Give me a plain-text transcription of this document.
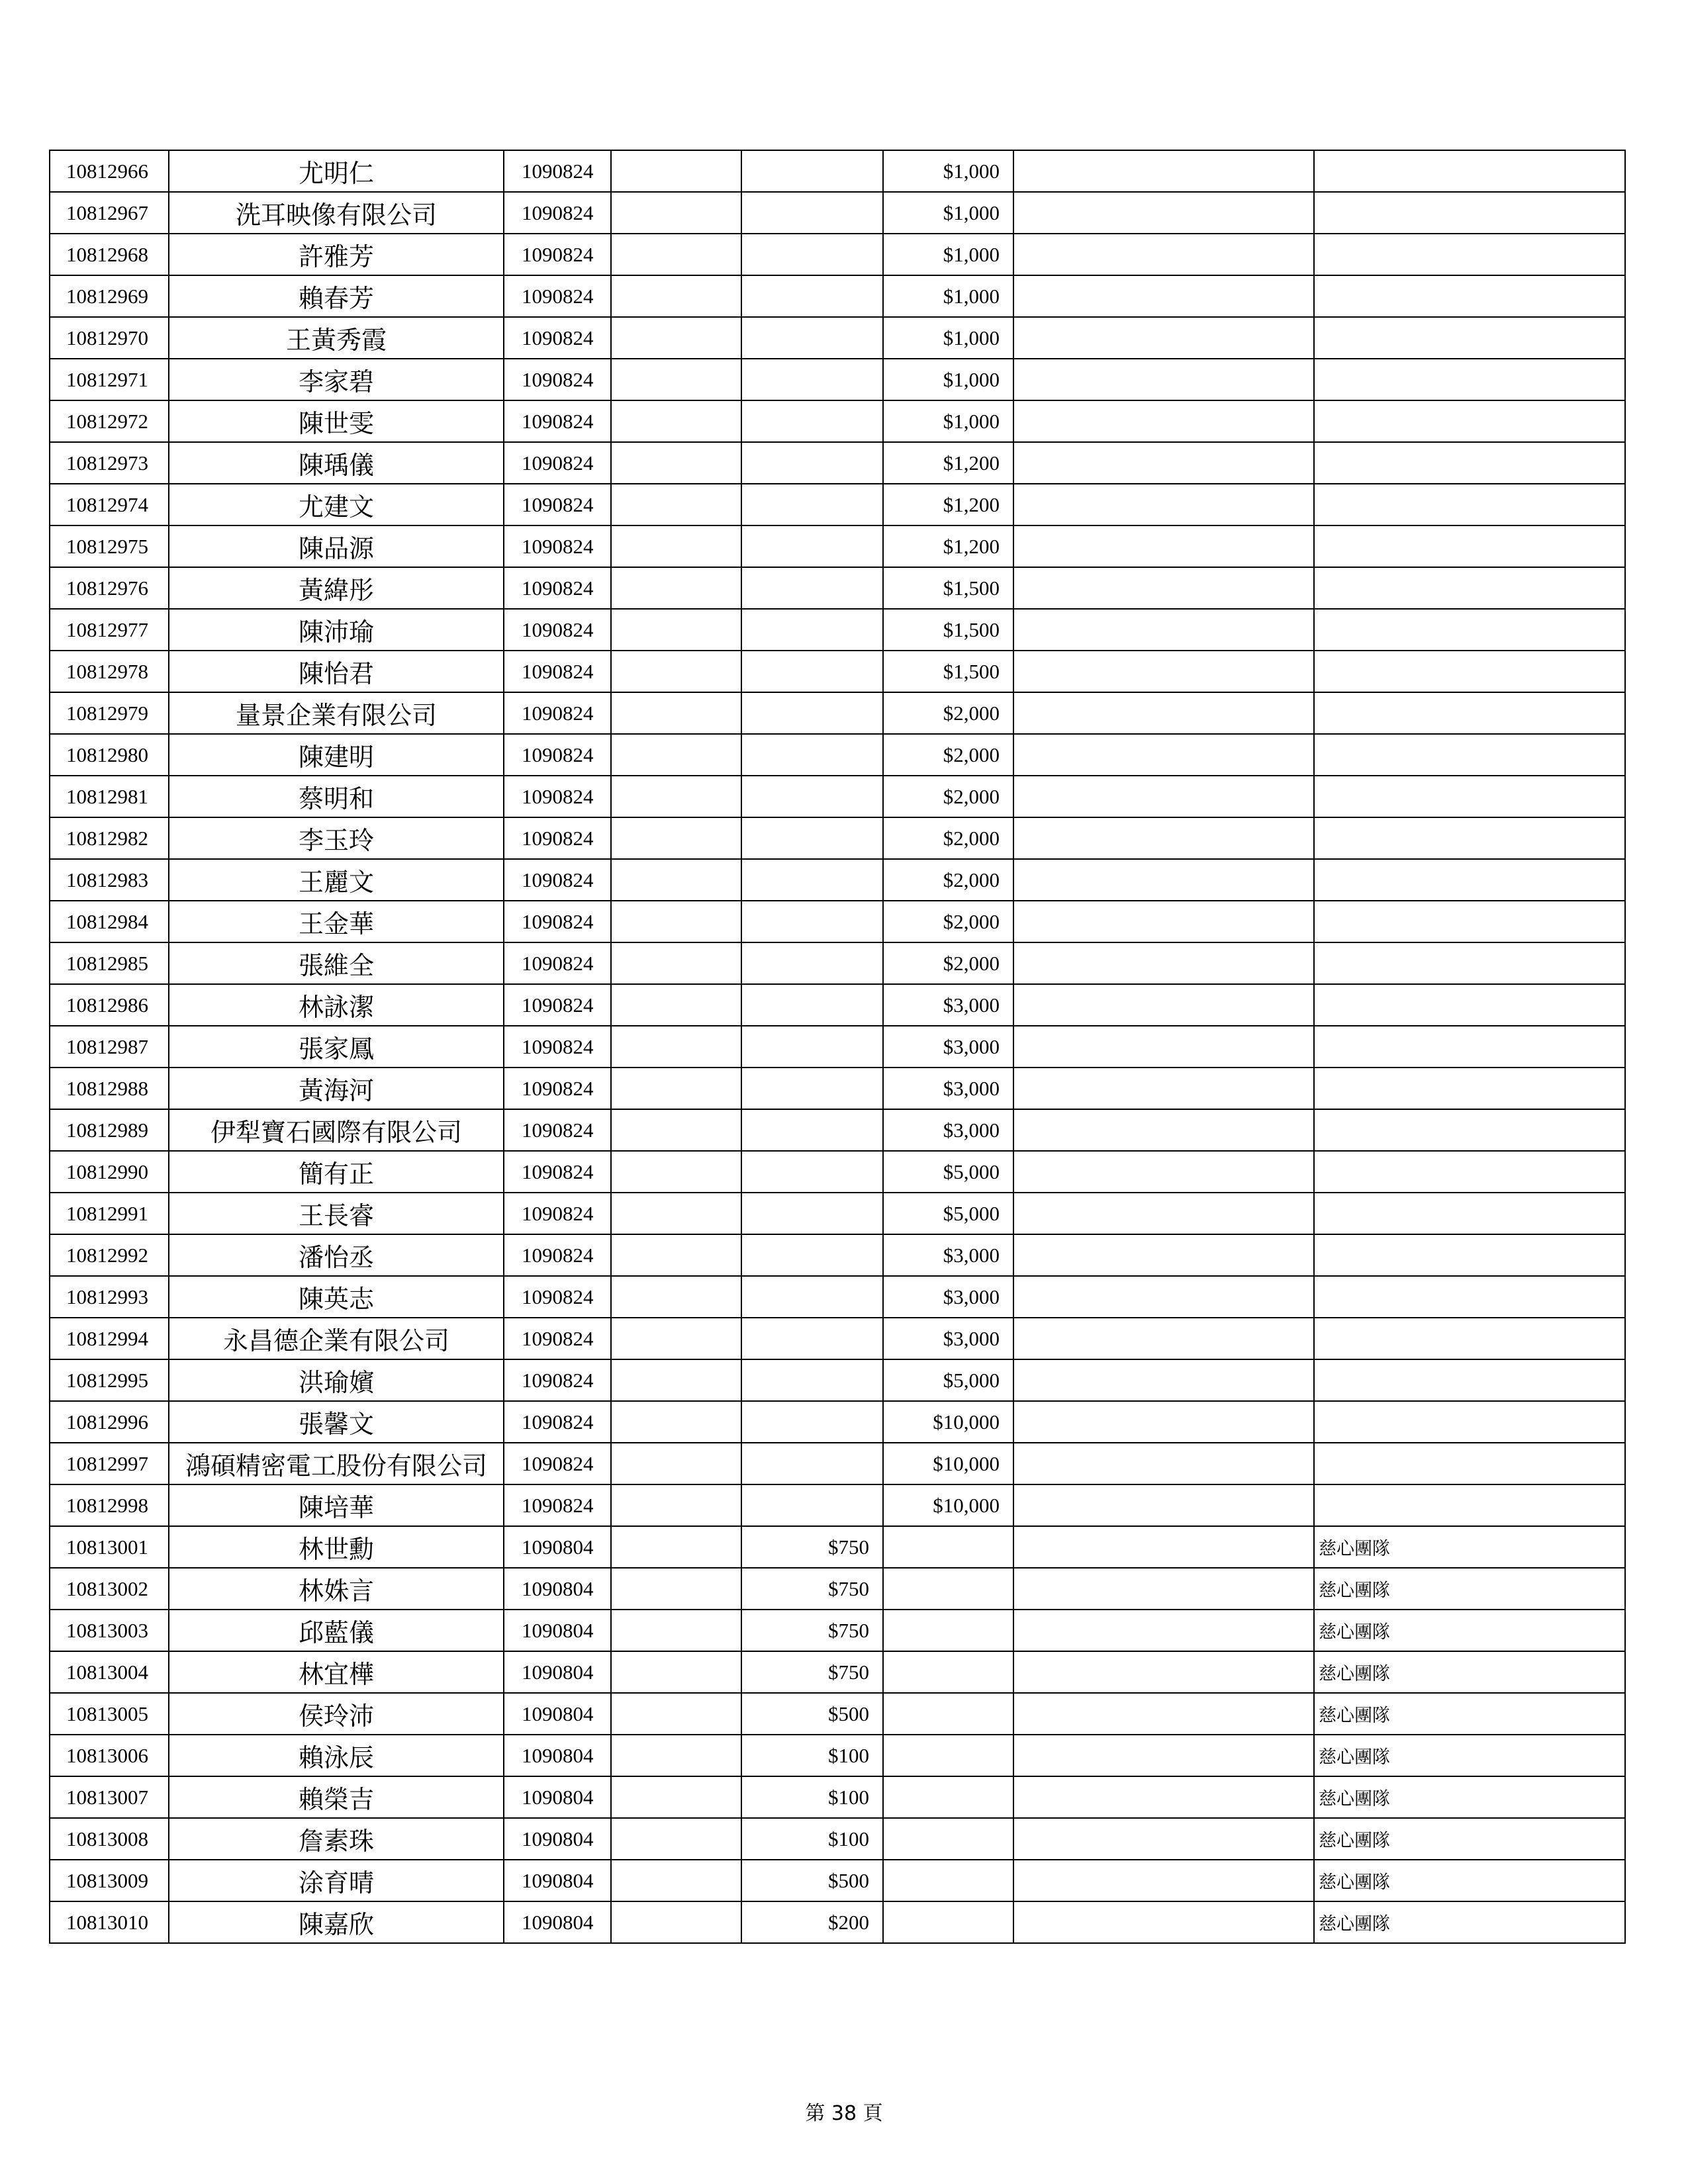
10812966	尤明仁	1090824			$1,000		
10812967	洗耳映像有限公司	1090824			$1,000		
10812968	許雅芳	1090824			$1,000		
10812969	賴春芳	1090824			$1,000		
10812970	王黃秀霞	1090824			$1,000		
10812971	李家碧	1090824			$1,000		
10812972	陳世雯	1090824			$1,000		
10812973	陳瑀儀	1090824			$1,200		
10812974	尤建文	1090824			$1,200		
10812975	陳品源	1090824			$1,200		
10812976	黃緯彤	1090824			$1,500		
10812977	陳沛瑜	1090824			$1,500		
10812978	陳怡君	1090824			$1,500		
10812979	量景企業有限公司	1090824			$2,000		
10812980	陳建明	1090824			$2,000		
10812981	蔡明和	1090824			$2,000		
10812982	李玉玲	1090824			$2,000		
10812983	王麗文	1090824			$2,000		
10812984	王金華	1090824			$2,000		
10812985	張維全	1090824			$2,000		
10812986	林詠潔	1090824			$3,000		
10812987	張家鳳	1090824			$3,000		
10812988	黃海河	1090824			$3,000		
10812989	伊犁寶石國際有限公司	1090824			$3,000		
10812990	簡有正	1090824			$5,000		
10812991	王長睿	1090824			$5,000		
10812992	潘怡丞	1090824			$3,000		
10812993	陳英志	1090824			$3,000		
10812994	永昌德企業有限公司	1090824			$3,000		
10812995	洪瑜嬪	1090824			$5,000		
10812996	張馨文	1090824			$10,000		
10812997	鴻碩精密電工股份有限公司	1090824			$10,000		
10812998	陳培華	1090824			$10,000		
10813001	林世勳	1090804		$750			慈心團隊
10813002	林姝言	1090804		$750			慈心團隊
10813003	邱藍儀	1090804		$750			慈心團隊
10813004	林宜樺	1090804		$750			慈心團隊
10813005	侯玲沛	1090804		$500			慈心團隊
10813006	賴泳辰	1090804		$100			慈心團隊
10813007	賴榮吉	1090804		$100			慈心團隊
10813008	詹素珠	1090804		$100			慈心團隊
10813009	涂育晴	1090804		$500			慈心團隊
10813010	陳嘉欣	1090804		$200			慈心團隊
第 38 頁
